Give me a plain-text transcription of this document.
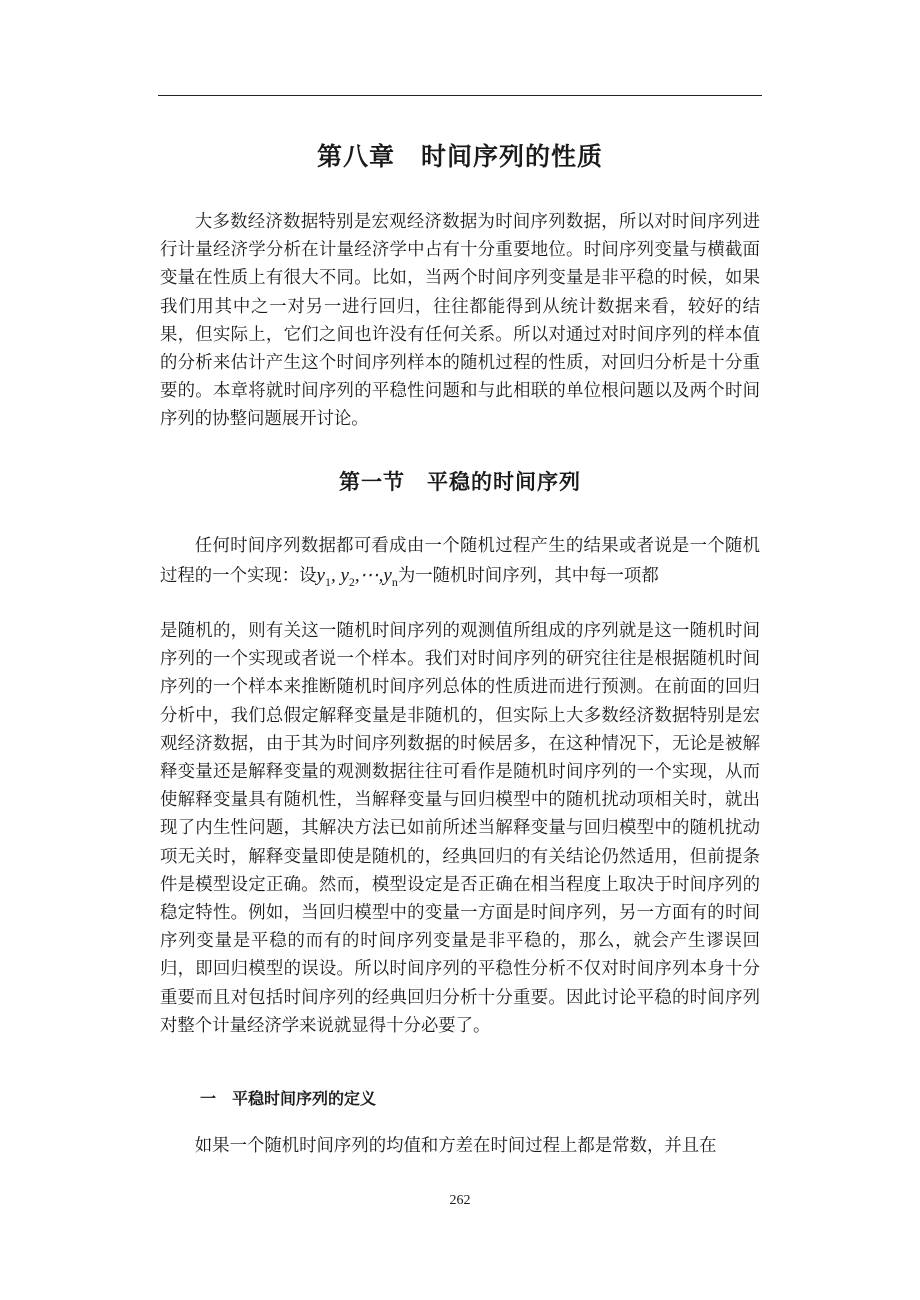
第八章　时间序列的性质

大多数经济数据特别是宏观经济数据为时间序列数据，所以对时间序列进行计量经济学分析在计量经济学中占有十分重要地位。时间序列变量与横截面变量在性质上有很大不同。比如，当两个时间序列变量是非平稳的时候，如果我们用其中之一对另一进行回归，往往都能得到从统计数据来看，较好的结果，但实际上，它们之间也许没有任何关系。所以对通过对时间序列的样本值的分析来估计产生这个时间序列样本的随机过程的性质，对回归分析是十分重要的。本章将就时间序列的平稳性问题和与此相联的单位根问题以及两个时间序列的协整问题展开讨论。

第一节　平稳的时间序列

任何时间序列数据都可看成由一个随机过程产生的结果或者说是一个随机过程的一个实现：设$y_1$, $y_2,\cdots,y_n$为一随机时间序列，其中每一项都

是随机的，则有关这一随机时间序列的观测值所组成的序列就是这一随机时间序列的一个实现或者说一个样本。我们对时间序列的研究往往是根据随机时间序列的一个样本来推断随机时间序列总体的性质进而进行预测。在前面的回归分析中，我们总假定解释变量是非随机的，但实际上大多数经济数据特别是宏观经济数据，由于其为时间序列数据的时候居多，在这种情况下，无论是被解释变量还是解释变量的观测数据往往可看作是随机时间序列的一个实现，从而使解释变量具有随机性，当解释变量与回归模型中的随机扰动项相关时，就出现了内生性问题，其解决方法已如前所述当解释变量与回归模型中的随机扰动项无关时，解释变量即使是随机的，经典回归的有关结论仍然适用，但前提条件是模型设定正确。然而，模型设定是否正确在相当程度上取决于时间序列的稳定特性。例如，当回归模型中的变量一方面是时间序列，另一方面有的时间序列变量是平稳的而有的时间序列变量是非平稳的，那么，就会产生谬误回归，即回归模型的误设。所以时间序列的平稳性分析不仅对时间序列本身十分重要而且对包括时间序列的经典回归分析十分重要。因此讨论平稳的时间序列对整个计量经济学来说就显得十分必要了。

一　平稳时间序列的定义

如果一个随机时间序列的均值和方差在时间过程上都是常数，并且在

262
